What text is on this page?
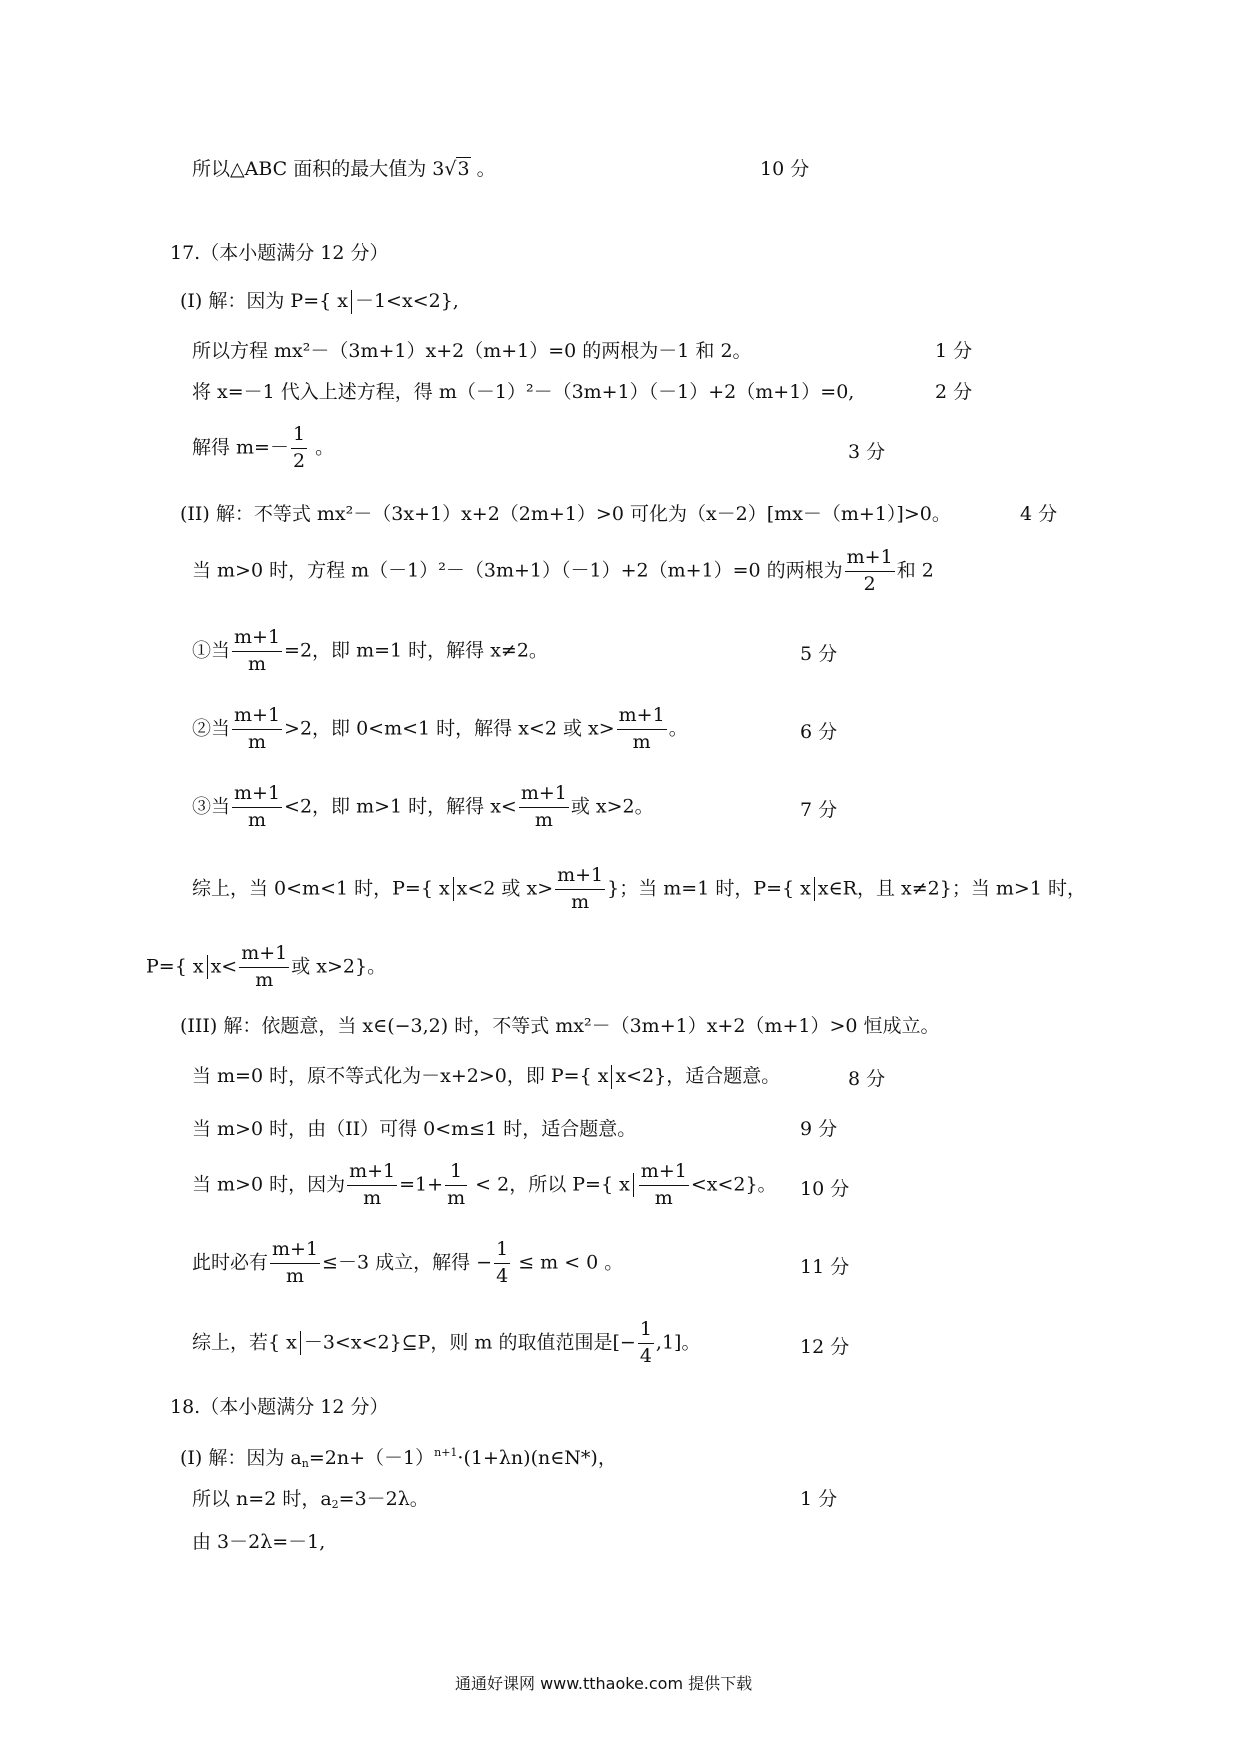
所以△ABC 面积的最大值为 3√3 。	10 分
17.（本小题满分 12 分）
(I) 解：因为 P={ x －1<x<2},
所以方程 mx²－（3m+1）x+2（m+1）=0 的两根为－1 和 2。	1 分
将 x=－1 代入上述方程，得 m（－1）²－（3m+1）（－1）+2（m+1）=0,	2 分
解得 $m=- \frac{1}{2}$ 。	3 分
(II) 解：不等式 mx²－（3x+1）x+2（2m+1）>0 可化为（x－2）[mx－（m+1）]>0。	4 分
当 m>0 时，方程 m（－1）²－（3m+1）（－1）+2（m+1）=0 的两根为 $\frac{m+1}{2}$ 和 2
①当 $\frac{m+1}{m} =2$，即 m=1 时，解得 x≠2。	5 分
②当 $\frac{m+1}{m} >2$，即 0<m<1 时，解得 x<2 或 $x> \frac{m+1}{m}$ 。	6 分
③当 $\frac{m+1}{m} <2$，即 m>1 时，解得 $x< \frac{m+1}{m}$ 或 x>2。	7 分
综上，当 0<m<1 时，P={ x x<2 或 $x> \frac{m+1}{m}$ }；当 m=1 时，P={ x x∈R，且 x≠2}；当 m>1 时，
P={ x $x< \frac{m+1}{m}$ 或 x>2}。
(III) 解：依题意，当 x∈(−3,2) 时，不等式 mx²－（3m+1）x+2（m+1）>0 恒成立。
当 m=0 时，原不等式化为－x+2>0，即 P={ x x<2}，适合题意。	8 分
当 m>0 时，由（II）可得 0<m≤1 时，适合题意。	9 分
当 m>0 时，因为 $\frac{m+1}{m} =1+ \frac{1}{m} < 2$，所以 P={ x $\frac{m+1}{m} <x<2$}。 10 分
此时必有 $\frac{m+1}{m} \le-3$ 成立，解得 − $\frac{1}{4} \le m < 0$ 。	11 分
综上，若{ x －3<x<2}⊆P，则 m 的取值范围是[− $\frac{1}{4} ,1$]。	12 分
18.（本小题满分 12 分）
(I) 解：因为 $a_n=2n+(-1)^{n+1}\cdot(1+\lambda n)(n\in N*)$，
所以 n=2 时，$a_2=3-2\lambda$。	1 分
由 3－2λ=－1,
通通好课网 www.tthaoke.com 提供下载
